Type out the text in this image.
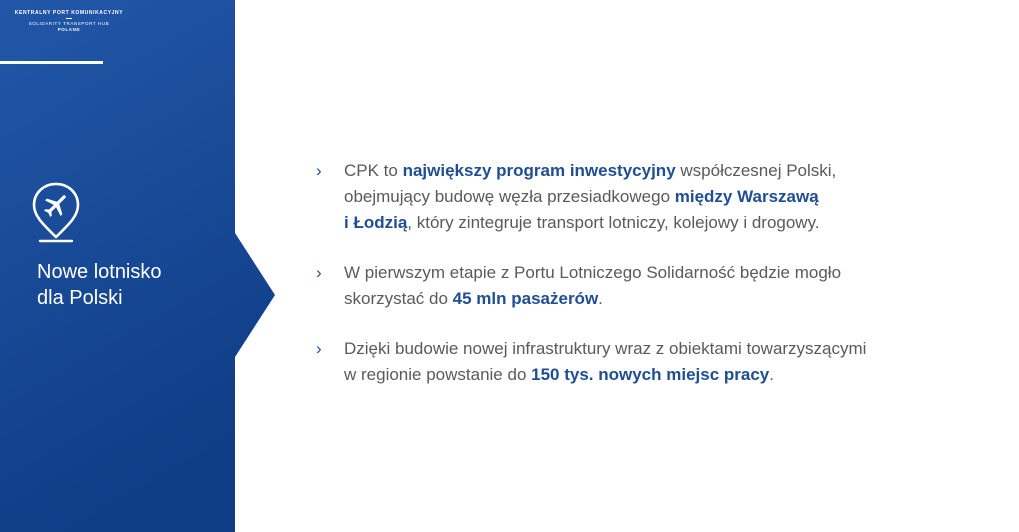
KENTRALNY PORT KOMUNIKACYJNY
SOLIDARITY TRANSPORT HUB
POLAND
Nowe lotnisko
dla Polski
› CPK to największy program inwestycyjny współczesnej Polski,
obejmujący budowę węzła przesiadkowego między Warszawą
i Łodzią, który zintegruje transport lotniczy, kolejowy i drogowy.
› W pierwszym etapie z Portu Lotniczego Solidarność będzie mogło
skorzystać do 45 mln pasażerów.
› Dzięki budowie nowej infrastruktury wraz z obiektami towarzyszącymi
w regionie powstanie do 150 tys. nowych miejsc pracy.
